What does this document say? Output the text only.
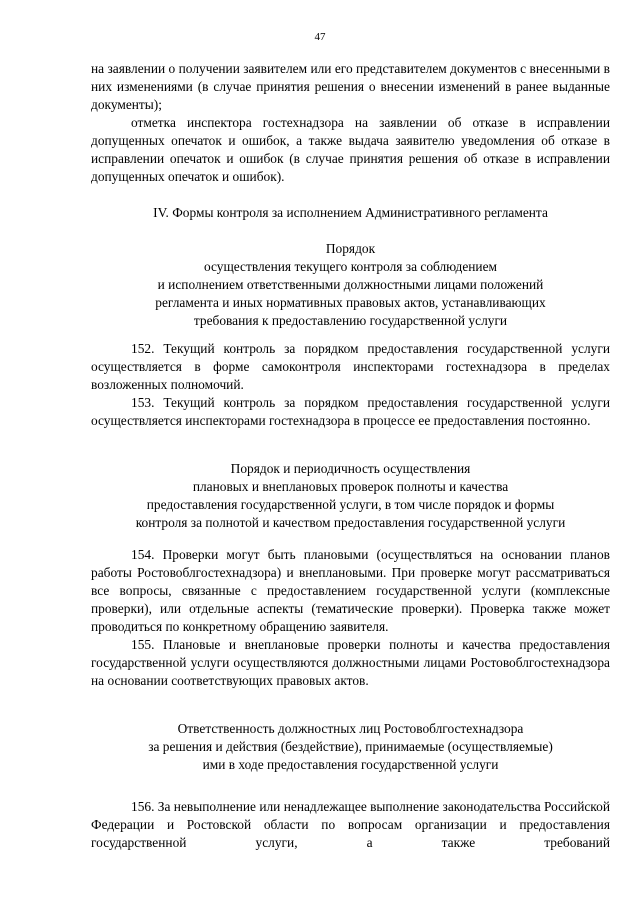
47

на заявлении о получении заявителем или его представителем документов с внесенными в них изменениями (в случае принятия решения о внесении изменений в ранее выданные документы);

отметка инспектора гостехнадзора на заявлении об отказе в исправлении допущенных опечаток и ошибок, а также выдача заявителю уведомления об отказе в исправлении опечаток и ошибок (в случае принятия решения об отказе в исправлении допущенных опечаток и ошибок).

IV. Формы контроля за исполнением Административного регламента

Порядок

осуществления текущего контроля за соблюдением

и исполнением ответственными должностными лицами положений

регламента и иных нормативных правовых актов, устанавливающих

требования к предоставлению государственной услуги

152. Текущий контроль за порядком предоставления государственной услуги осуществляется в форме самоконтроля инспекторами гостехнадзора в пределах возложенных полномочий.

153. Текущий контроль за порядком предоставления государственной услуги осуществляется инспекторами гостехнадзора в процессе ее предоставления постоянно.

Порядок и периодичность осуществления

плановых и внеплановых проверок полноты и качества

предоставления государственной услуги, в том числе порядок и формы

контроля за полнотой и качеством предоставления государственной услуги

154. Проверки могут быть плановыми (осуществляться на основании планов работы Ростовоблгостехнадзора) и внеплановыми. При проверке могут рассматриваться все вопросы, связанные с предоставлением государственной услуги (комплексные проверки), или отдельные аспекты (тематические проверки). Проверка также может проводиться по конкретному обращению заявителя.

155. Плановые и внеплановые проверки полноты и качества предоставления государственной услуги осуществляются должностными лицами Ростовоблгостехнадзора на основании соответствующих правовых актов.

Ответственность должностных лиц Ростовоблгостехнадзора

за решения и действия (бездействие), принимаемые (осуществляемые)

ими в ходе предоставления государственной услуги

156. За невыполнение или ненадлежащее выполнение законодательства Российской Федерации и Ростовской области по вопросам организации и предоставления государственной услуги, а также требований
